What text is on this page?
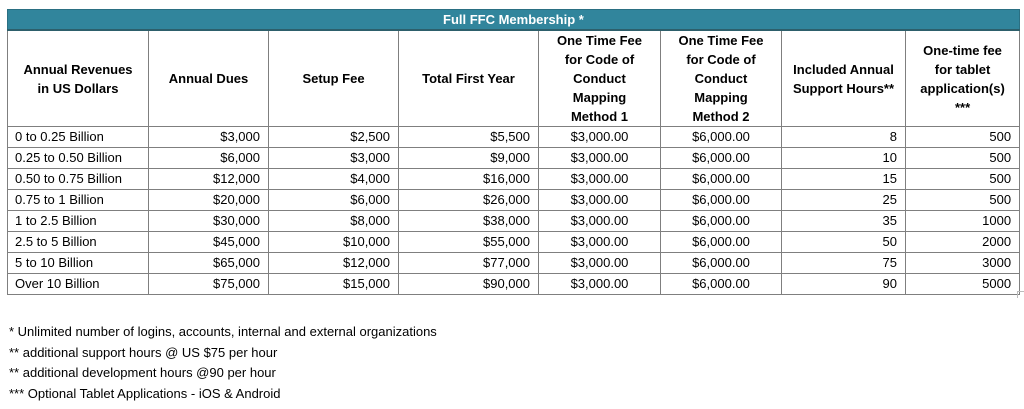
Full FFC Membership *							
Annual Revenues in US Dollars	Annual Dues	Setup Fee	Total First Year	One Time Fee for Code of Conduct Mapping Method 1	One Time Fee for Code of Conduct Mapping Method 2	Included Annual Support Hours**	One-time fee for tablet application(s) ***
0 to 0.25 Billion	$3,000	$2,500	$5,500	$3,000.00	$6,000.00	8	500
0.25 to 0.50 Billion	$6,000	$3,000	$9,000	$3,000.00	$6,000.00	10	500
0.50 to 0.75 Billion	$12,000	$4,000	$16,000	$3,000.00	$6,000.00	15	500
0.75 to 1 Billion	$20,000	$6,000	$26,000	$3,000.00	$6,000.00	25	500
1 to 2.5 Billion	$30,000	$8,000	$38,000	$3,000.00	$6,000.00	35	1000
2.5 to 5 Billion	$45,000	$10,000	$55,000	$3,000.00	$6,000.00	50	2000
5 to 10 Billion	$65,000	$12,000	$77,000	$3,000.00	$6,000.00	75	3000
Over 10 Billion	$75,000	$15,000	$90,000	$3,000.00	$6,000.00	90	5000
* Unlimited number of logins, accounts, internal and external organizations
** additional support hours @ US $75 per hour
** additional development hours @90 per hour
*** Optional Tablet Applications - iOS & Android
